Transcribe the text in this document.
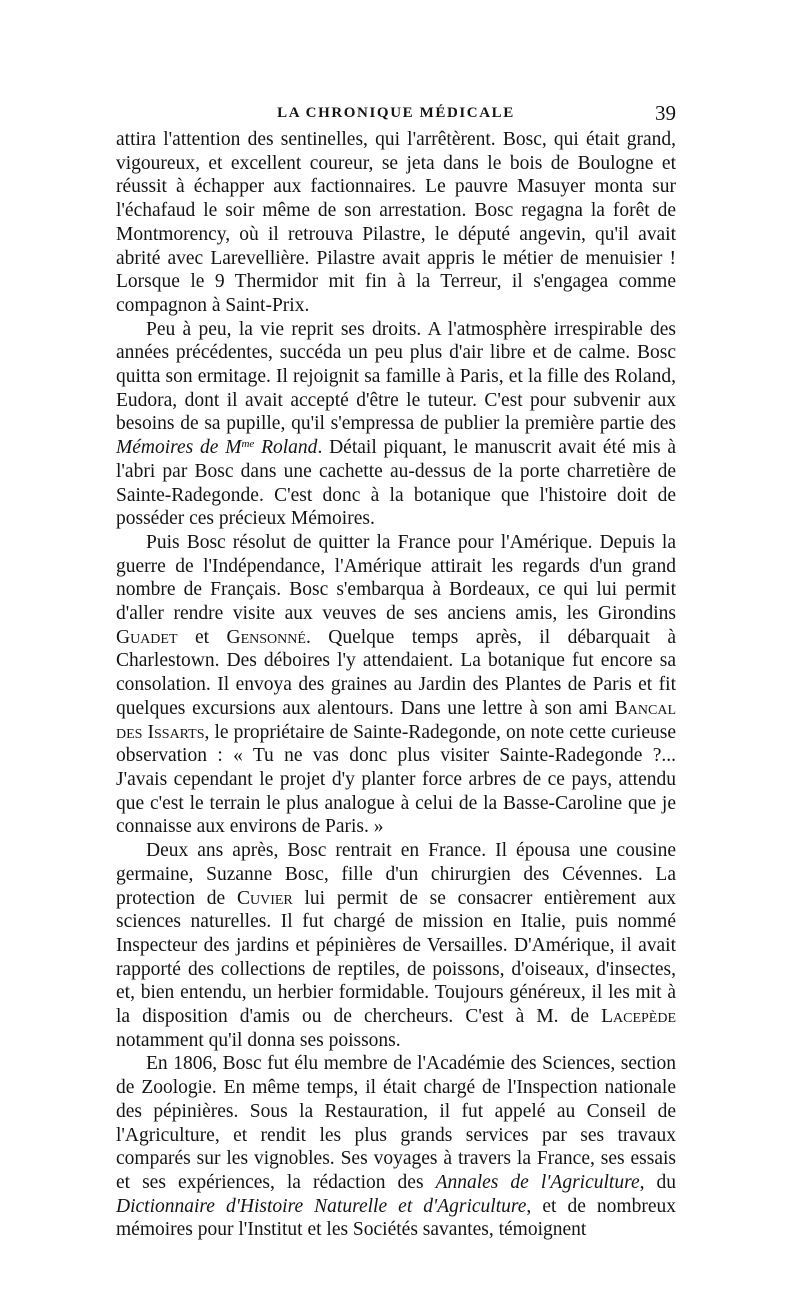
LA CHRONIQUE MÉDICALE	39

attira l'attention des sentinelles, qui l'arrêtèrent. Bosc, qui était grand, vigoureux, et excellent coureur, se jeta dans le bois de Boulogne et réussit à échapper aux factionnaires. Le pauvre Masuyer monta sur l'échafaud le soir même de son arrestation. Bosc regagna la forêt de Montmorency, où il retrouva Pilastre, le député angevin, qu'il avait abrité avec Larevellière. Pilastre avait appris le métier de menuisier ! Lorsque le 9 Thermidor mit fin à la Terreur, il s'engagea comme compagnon à Saint-Prix.

Peu à peu, la vie reprit ses droits. A l'atmosphère irrespirable des années précédentes, succéda un peu plus d'air libre et de calme. Bosc quitta son ermitage. Il rejoignit sa famille à Paris, et la fille des Roland, Eudora, dont il avait accepté d'être le tuteur. C'est pour subvenir aux besoins de sa pupille, qu'il s'empressa de publier la première partie des Mémoires de $M^{me}$ Roland. Détail piquant, le manuscrit avait été mis à l'abri par Bosc dans une cachette au-dessus de la porte charretière de Sainte-Radegonde. C'est donc à la botanique que l'histoire doit de posséder ces précieux Mémoires.

Puis Bosc résolut de quitter la France pour l'Amérique. Depuis la guerre de l'Indépendance, l'Amérique attirait les regards d'un grand nombre de Français. Bosc s'embarqua à Bordeaux, ce qui lui permit d'aller rendre visite aux veuves de ses anciens amis, les Girondins Guadet et Gensonné. Quelque temps après, il débarquait à Charlestown. Des déboires l'y attendaient. La botanique fut encore sa consolation. Il envoya des graines au Jardin des Plantes de Paris et fit quelques excursions aux alentours. Dans une lettre à son ami Bancal des Issarts, le propriétaire de Sainte-Radegonde, on note cette curieuse observation : « Tu ne vas donc plus visiter Sainte-Radegonde ?... J'avais cependant le projet d'y planter force arbres de ce pays, attendu que c'est le terrain le plus analogue à celui de la Basse-Caroline que je connaisse aux environs de Paris. »

Deux ans après, Bosc rentrait en France. Il épousa une cousine germaine, Suzanne Bosc, fille d'un chirurgien des Cévennes. La protection de Cuvier lui permit de se consacrer entièrement aux sciences naturelles. Il fut chargé de mission en Italie, puis nommé Inspecteur des jardins et pépinières de Versailles. D'Amérique, il avait rapporté des collections de reptiles, de poissons, d'oiseaux, d'insectes, et, bien entendu, un herbier formidable. Toujours généreux, il les mit à la disposition d'amis ou de chercheurs. C'est à M. de Lacepède notamment qu'il donna ses poissons.

En 1806, Bosc fut élu membre de l'Académie des Sciences, section de Zoologie. En même temps, il était chargé de l'Inspection nationale des pépinières. Sous la Restauration, il fut appelé au Conseil de l'Agriculture, et rendit les plus grands services par ses travaux comparés sur les vignobles. Ses voyages à travers la France, ses essais et ses expériences, la rédaction des Annales de l'Agriculture, du Dictionnaire d'Histoire Naturelle et d'Agriculture, et de nombreux mémoires pour l'Institut et les Sociétés savantes, témoignent
